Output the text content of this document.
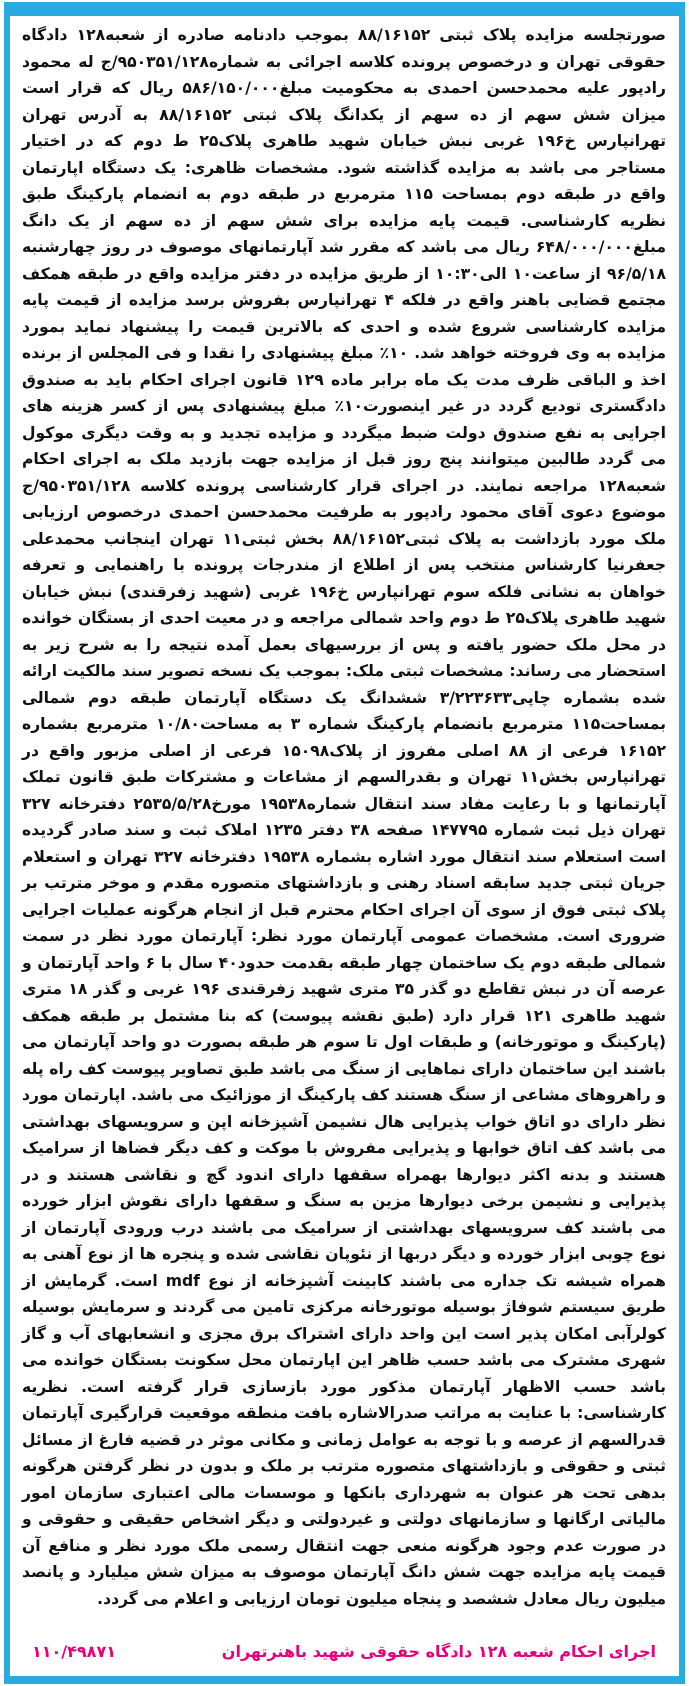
صورتجلسه مزایده پلاک ثبتی ۸۸/۱۶۱۵۲ بموجب دادنامه صادره از شعبه۱۲۸ دادگاه حقوقی تهران و درخصوص پرونده کلاسه اجرائی به شماره۹۵۰۳۵۱/۱۲۸/ج له محمود رادپور علیه محمدحسن احمدی به محکومیت مبلغ۵۸۶/۱۵۰/۰۰۰ ریال که قرار است میزان شش سهم از ده سهم از یکدانگ پلاک ثبتی ۸۸/۱۶۱۵۲ به آدرس تهران تهرانپارس خ۱۹۶ غربی نبش خیابان شهید طاهری پلاک۲۵ ط دوم که در اختیار مستاجر می باشد به مزایده گذاشته شود. مشخصات ظاهری: یک دستگاه اپارتمان واقع در طبقه دوم بمساحت ۱۱۵ مترمربع در طبقه دوم به انضمام پارکینگ طبق نظریه کارشناسی. قیمت پایه مزایده برای شش سهم از ده سهم از یک دانگ مبلغ۶۴۸/۰۰۰/۰۰۰ ریال می باشد که مقرر شد آپارتمانهای موصوف در روز چهارشنبه ۹۶/۵/۱۸ از ساعت۱۰ الی۱۰:۳۰ از طریق مزایده در دفتر مزایده واقع در طبقه همکف مجتمع قضایی باهنر واقع در فلکه ۴ تهرانپارس بفروش برسد مزایده از قیمت پایه مزایده کارشناسی شروع شده و احدی که بالاترین قیمت را پیشنهاد نماید بمورد مزایده به وی فروخته خواهد شد. ۱۰٪ مبلغ پیشنهادی را نقدا و فی المجلس از برنده اخذ و الباقی ظرف مدت یک ماه برابر ماده ۱۲۹ قانون اجرای احکام باید به صندوق دادگستری تودیع گردد در غیر اینصورت۱۰٪ مبلغ پیشنهادی پس از کسر هزینه های اجرایی به نفع صندوق دولت ضبط میگردد و مزایده تجدید و به وقت دیگری موکول می گردد طالبین میتوانند پنج روز قبل از مزایده جهت بازدید ملک به اجرای احکام شعبه۱۲۸ مراجعه نمایند. در اجرای قرار کارشناسی پرونده کلاسه ۹۵۰۳۵۱/۱۲۸/ج موضوع دعوی آقای محمود رادپور به طرفیت محمدحسن احمدی درخصوص ارزیابی ملک مورد بازداشت به پلاک ثبتی۸۸/۱۶۱۵۲ بخش ثبتی۱۱ تهران اینجانب محمدعلی جعفرنیا کارشناس منتخب پس از اطلاع از مندرجات پرونده با راهنمایی و تعرفه خواهان به نشانی فلکه سوم تهرانپارس خ۱۹۶ غربی (شهید زفرقندی) نبش خیابان شهید طاهری پلاک۲۵ ط دوم واحد شمالی مراجعه و در معیت احدی از بستگان خوانده در محل ملک حضور یافته و پس از بررسیهای بعمل آمده نتیجه را به شرح زیر به استحضار می رساند: مشخصات ثبتی ملک: بموجب یک نسخه تصویر سند مالکیت ارائه شده بشماره چاپی۳/۲۲۳۶۳۳ ششدانگ یک دستگاه آپارتمان طبقه دوم شمالی بمساحت۱۱۵ مترمربع بانضمام پارکینگ شماره ۳ به مساحت۱۰/۸۰ مترمربع بشماره ۱۶۱۵۲ فرعی از ۸۸ اصلی مفروز از پلاک۱۵۰۹۸ فرعی از اصلی مزبور واقع در تهرانپارس بخش۱۱ تهران و بقدرالسهم از مشاعات و مشترکات طبق قانون تملک آپارتمانها و با رعایت مفاد سند انتقال شماره۱۹۵۳۸ مورخ۲۵۳۵/۵/۲۸ دفترخانه ۳۲۷ تهران ذیل ثبت شماره ۱۴۷۷۹۵ صفحه ۳۸ دفتر ۱۲۳۵ املاک ثبت و سند صادر گردیده است استعلام سند انتقال مورد اشاره بشماره ۱۹۵۳۸ دفترخانه ۳۲۷ تهران و استعلام جریان ثبتی جدید سابقه اسناد رهنی و بازداشتهای متصوره مقدم و موخر مترتب بر پلاک ثبتی فوق از سوی آن اجرای احکام محترم قبل از انجام هرگونه عملیات اجرایی ضروری است. مشخصات عمومی آپارتمان مورد نظر: آپارتمان مورد نظر در سمت شمالی طبقه دوم یک ساختمان چهار طبقه بقدمت حدود۴۰ سال با ۶ واحد آپارتمان و عرصه آن در نبش تقاطع دو گذر ۳۵ متری شهید زفرقندی ۱۹۶ غربی و گذر ۱۸ متری شهید طاهری ۱۲۱ قرار دارد (طبق نقشه پیوست) که بنا مشتمل بر طبقه همکف (پارکینگ و موتورخانه) و طبقات اول تا سوم هر طبقه بصورت دو واحد آپارتمان می باشند این ساختمان دارای نماهایی از سنگ می باشد طبق تصاویر پیوست کف راه پله و راهروهای مشاعی از سنگ هستند کف پارکینگ از موزائیک می باشد. اپارتمان مورد نظر دارای دو اتاق خواب پذیرایی هال نشیمن آشپزخانه اپن و سرویسهای بهداشتی می باشد کف اتاق خوابها و پذیرایی مفروش با موکت و کف دیگر فضاها از سرامیک هستند و بدنه اکثر دیوارها بهمراه سقفها دارای اندود گچ و نقاشی هستند و در پذیرایی و نشیمن برخی دیوارها مزین به سنگ و سقفها دارای نقوش ابزار خورده می باشند کف سرویسهای بهداشتی از سرامیک می باشند درب ورودی آپارتمان از نوع چوبی ابزار خورده و دیگر دربها از نئوپان نقاشی شده و پنجره ها از نوع آهنی به همراه شیشه تک جداره می باشند کابینت آشپزخانه از نوع mdf است. گرمایش از طریق سیستم شوفاژ بوسیله موتورخانه مرکزی تامین می گردند و سرمایش بوسیله کولرآبی امکان پذیر است این واحد دارای اشتراک برق مجزی و انشعابهای آب و گاز شهری مشترک می باشد حسب ظاهر این اپارتمان محل سکونت بستگان خوانده می باشد حسب الاظهار آپارتمان مذکور مورد بازسازی قرار گرفته است. نظریه کارشناسی: با عنایت به مراتب صدرالاشاره بافت منطقه موقعیت قرارگیری آپارتمان قدرالسهم از عرصه و با توجه به عوامل زمانی و مکانی موثر در قضیه فارغ از مسائل ثبتی و حقوقی و بازداشتهای متصوره مترتب بر ملک و بدون در نظر گرفتن هرگونه بدهی تحت هر عنوان به شهرداری بانکها و موسسات مالی اعتباری سازمان امور مالیاتی ارگانها و سازمانهای دولتی و غیردولتی و دیگر اشخاص حقیقی و حقوقی و در صورت عدم وجود هرگونه منعی جهت انتقال رسمی ملک مورد نظر و منافع آن قیمت پایه مزایده جهت شش دانگ آپارتمان موصوف به میزان شش میلیارد و پانصد میلیون ریال معادل ششصد و پنجاه میلیون تومان ارزیابی و اعلام می گردد.
اجرای احکام شعبه ۱۲۸ دادگاه حقوقی شهید باهنرتهران
۱۱۰/۴۹۸۷۱
